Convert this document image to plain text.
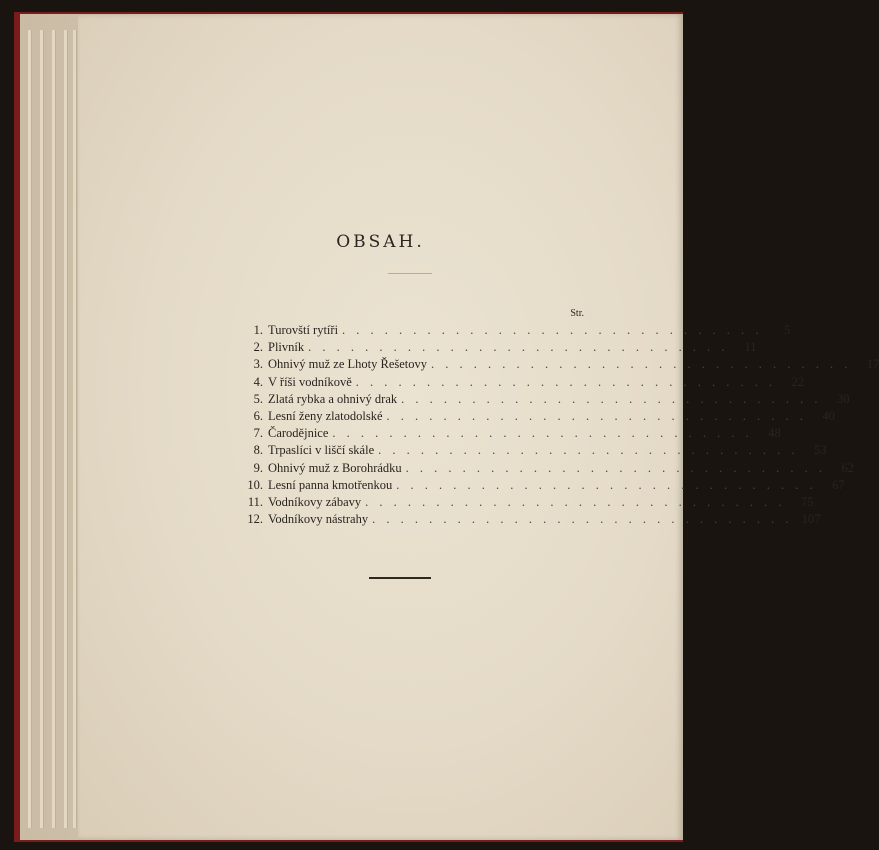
OBSAH.
Str.
1. Turovští rytíři . . . . . . . . . . . . . . . . . . . . . . . . . . . . . .	5
2. Plivník . . . . . . . . . . . . . . . . . . . . . . . . . . . . . .	11
3. Ohnivý muž ze Lhoty Řešetovy . . . . . . . . . . . . . . . . . . . . . . . . . . . . . .	17
4. V říši vodníkově . . . . . . . . . . . . . . . . . . . . . . . . . . . . . .	22
5. Zlatá rybka a ohnivý drak . . . . . . . . . . . . . . . . . . . . . . . . . . . . . .	30
6. Lesní ženy zlatodolské . . . . . . . . . . . . . . . . . . . . . . . . . . . . . .	40
7. Čarodějnice . . . . . . . . . . . . . . . . . . . . . . . . . . . . . .	48
8. Trpaslíci v liščí skále . . . . . . . . . . . . . . . . . . . . . . . . . . . . . .	53
9. Ohnivý muž z Borohrádku . . . . . . . . . . . . . . . . . . . . . . . . . . . . . .	62
10. Lesní panna kmotřenkou . . . . . . . . . . . . . . . . . . . . . . . . . . . . . .	67
11. Vodníkovy zábavy . . . . . . . . . . . . . . . . . . . . . . . . . . . . . .	75
12. Vodníkovy nástrahy . . . . . . . . . . . . . . . . . . . . . . . . . . . . . . 107
